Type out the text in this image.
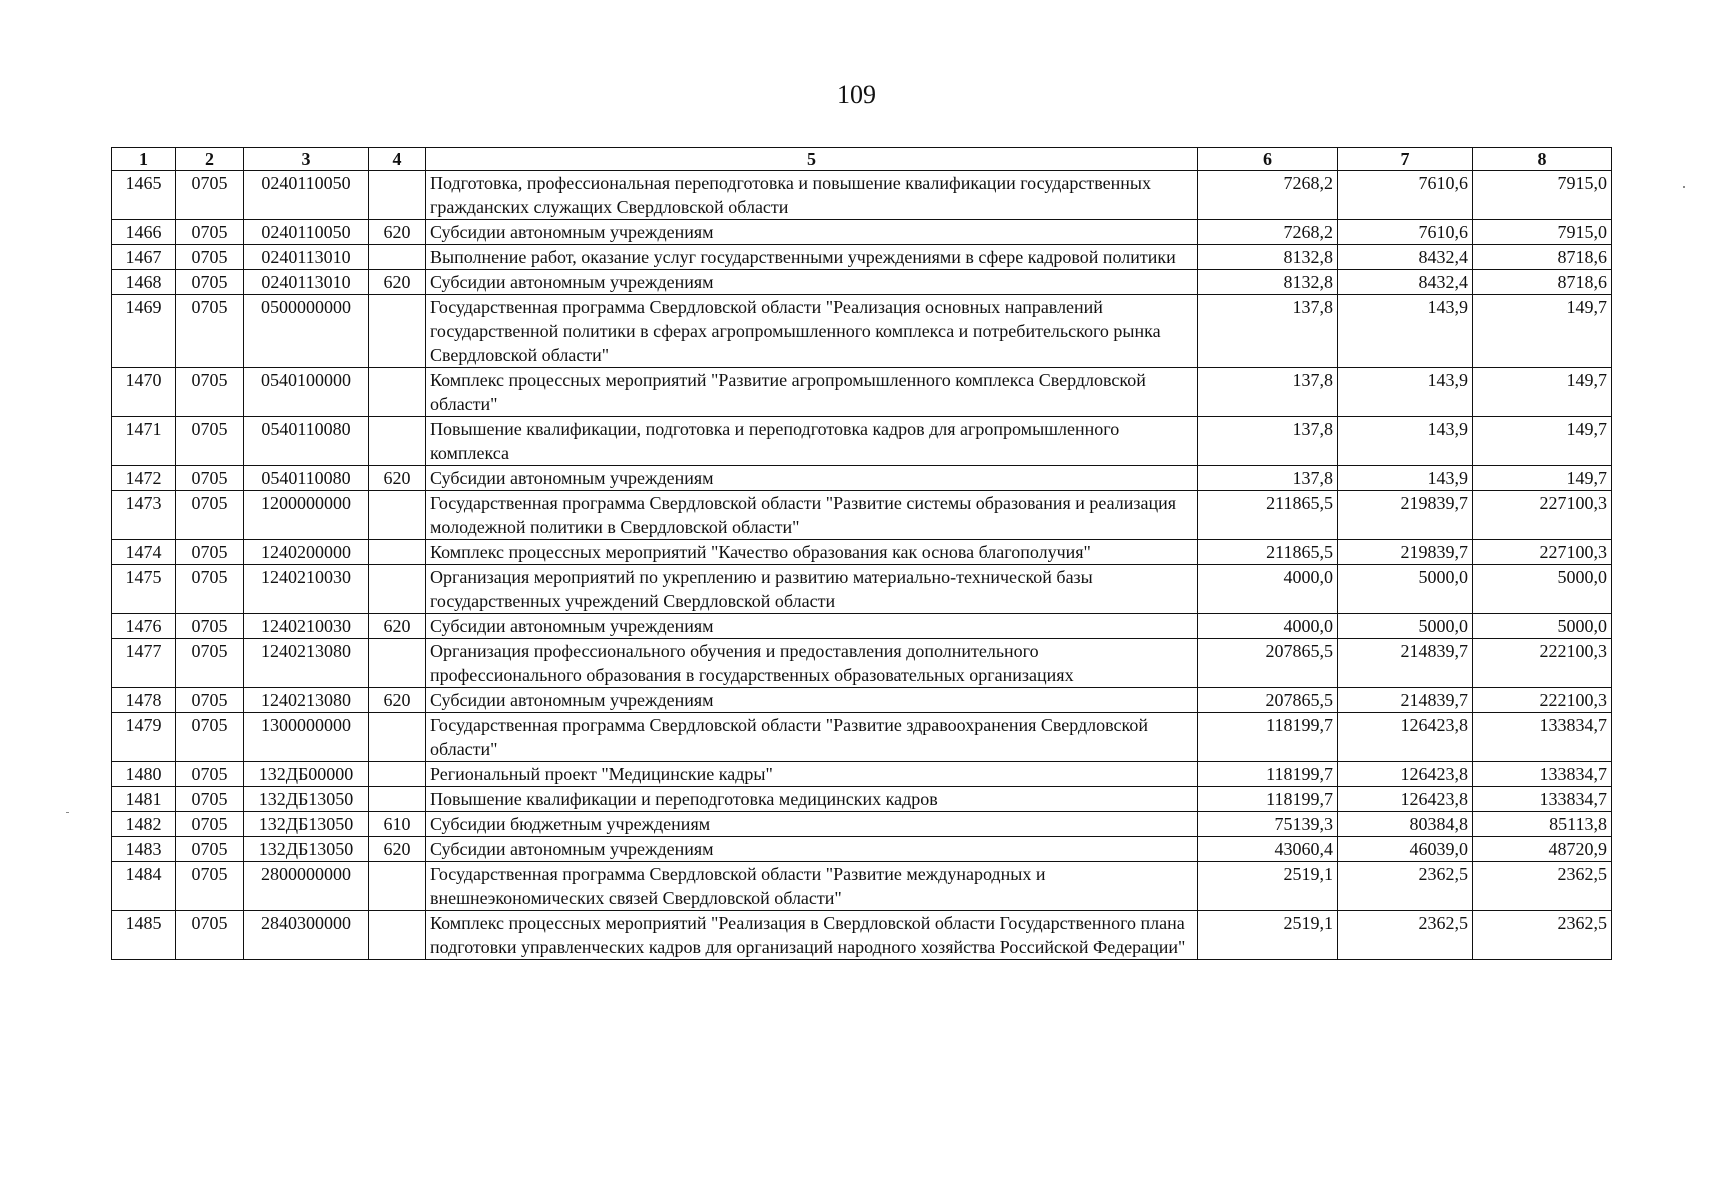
109
1	2	3	4	5	6	7	8
1465	0705	0240110050		Подготовка, профессиональная переподготовка и повышение квалификации государственных гражданских служащих Свердловской области	7268,2	7610,6	7915,0
1466	0705	0240110050	620	Субсидии автономным учреждениям	7268,2	7610,6	7915,0
1467	0705	0240113010		Выполнение работ, оказание услуг государственными учреждениями в сфере кадровой политики	8132,8	8432,4	8718,6
1468	0705	0240113010	620	Субсидии автономным учреждениям	8132,8	8432,4	8718,6
1469	0705	0500000000		Государственная программа Свердловской области "Реализация основных направлений государственной политики в сферах агропромышленного комплекса и потребительского рынка Свердловской области"	137,8	143,9	149,7
1470	0705	0540100000		Комплекс процессных мероприятий "Развитие агропромышленного комплекса Свердловской области"	137,8	143,9	149,7
1471	0705	0540110080		Повышение квалификации, подготовка и переподготовка кадров для агропромышленного комплекса	137,8	143,9	149,7
1472	0705	0540110080	620	Субсидии автономным учреждениям	137,8	143,9	149,7
1473	0705	1200000000		Государственная программа Свердловской области "Развитие системы образования и реализация молодежной политики в Свердловской области"	211865,5	219839,7	227100,3
1474	0705	1240200000		Комплекс процессных мероприятий "Качество образования как основа благополучия"	211865,5	219839,7	227100,3
1475	0705	1240210030		Организация мероприятий по укреплению и развитию материально-технической базы государственных учреждений Свердловской области	4000,0	5000,0	5000,0
1476	0705	1240210030	620	Субсидии автономным учреждениям	4000,0	5000,0	5000,0
1477	0705	1240213080		Организация профессионального обучения и предоставления дополнительного профессионального образования в государственных образовательных организациях	207865,5	214839,7	222100,3
1478	0705	1240213080	620	Субсидии автономным учреждениям	207865,5	214839,7	222100,3
1479	0705	1300000000		Государственная программа Свердловской области "Развитие здравоохранения Свердловской области"	118199,7	126423,8	133834,7
1480	0705	132ДБ00000		Региональный проект "Медицинские кадры"	118199,7	126423,8	133834,7
1481	0705	132ДБ13050		Повышение квалификации и переподготовка медицинских кадров	118199,7	126423,8	133834,7
1482	0705	132ДБ13050	610	Субсидии бюджетным учреждениям	75139,3	80384,8	85113,8
1483	0705	132ДБ13050	620	Субсидии автономным учреждениям	43060,4	46039,0	48720,9
1484	0705	2800000000		Государственная программа Свердловской области "Развитие международных и внешнеэкономических связей Свердловской области"	2519,1	2362,5	2362,5
1485	0705	2840300000		Комплекс процессных мероприятий "Реализация в Свердловской области Государственного плана подготовки управленческих кадров для организаций народного хозяйства Российской Федерации"	2519,1	2362,5	2362,5
